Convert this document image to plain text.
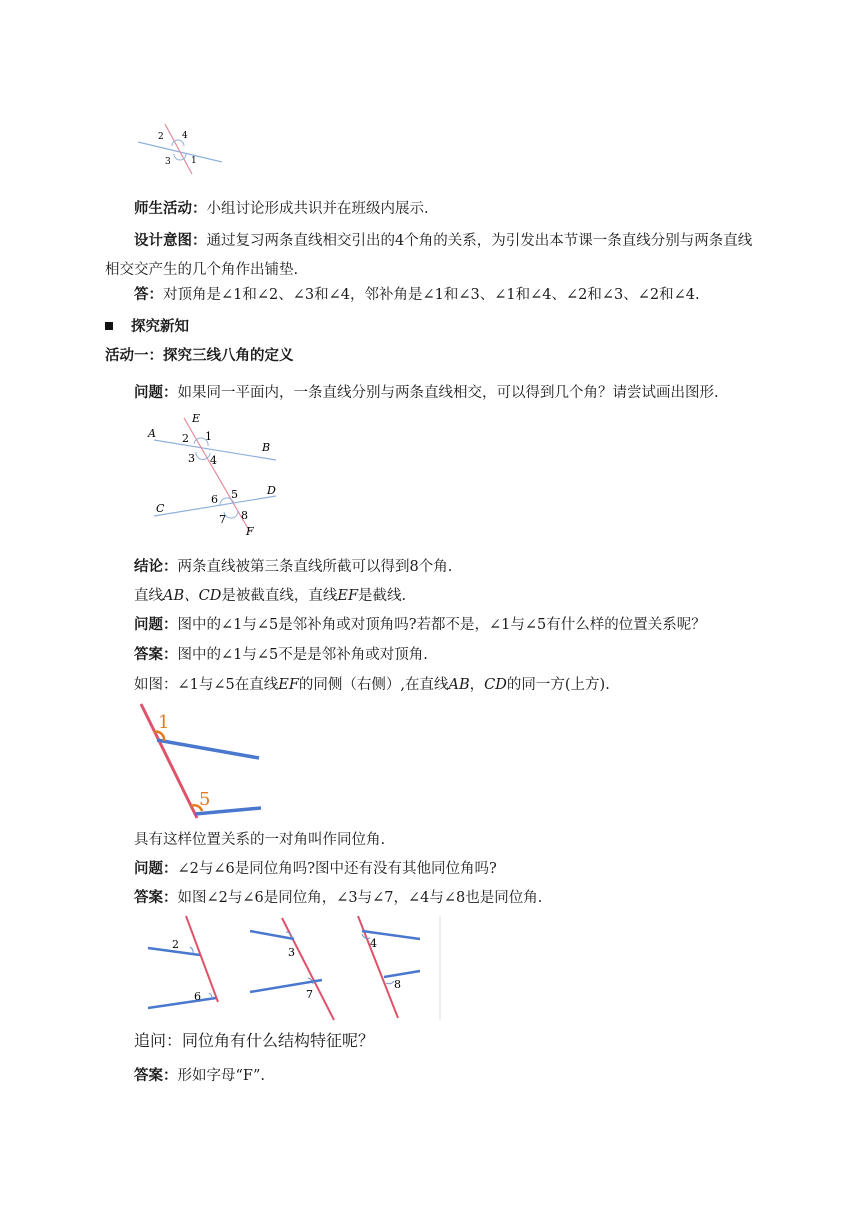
2 4
3 1
师生活动：小组讨论形成共识并在班级内展示.
设计意图：通过复习两条直线相交引出的4个角的关系，为引发出本节课一条直线分别与两条直线相交交产生的几个角作出铺垫.
答：对顶角是∠1和∠2、∠3和∠4，邻补角是∠1和∠3、∠1和∠4、∠2和∠3、∠2和∠4.
探究新知
活动一：探究三线八角的定义
问题：如果同一平面内，一条直线分别与两条直线相交，可以得到几个角？请尝试画出图形.
A
B
C
D
E
F
2 1
3 4
6 5
7 8
结论：两条直线被第三条直线所截可以得到8个角.
直线AB、CD是被截直线，直线EF是截线.
问题：图中的∠1与∠5是邻补角或对顶角吗?若都不是，∠1与∠5有什么样的位置关系呢？
答案：图中的∠1与∠5不是是邻补角或对顶角.
如图：∠1与∠5在直线EF的同侧（右侧）,在直线AB，CD的同一方(上方).
1
5
具有这样位置关系的一对角叫作同位角.
问题：∠2与∠6是同位角吗?图中还有没有其他同位角吗?
答案：如图∠2与∠6是同位角，∠3与∠7，∠4与∠8也是同位角.
2
6
3
7
4
8
追问：同位角有什么结构特征呢？
答案：形如字母“F”.
